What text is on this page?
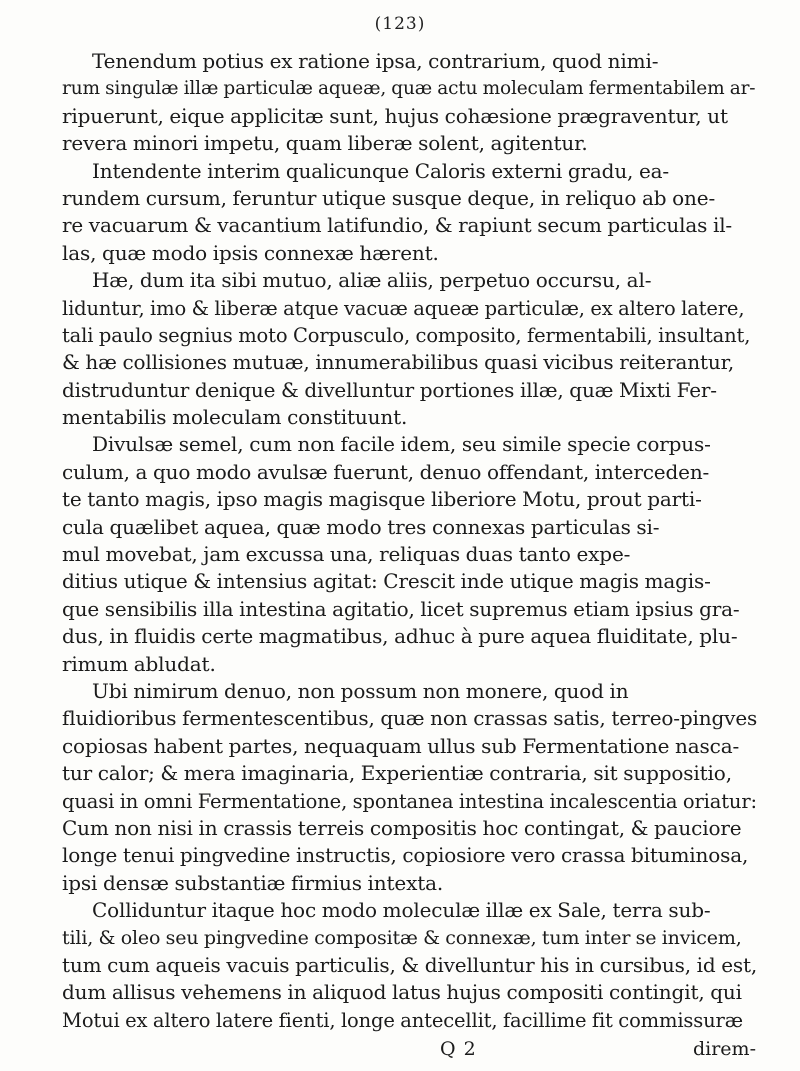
(123)
Tenendum potius ex ratione ipsa, contrarium, quod nimi-
rum singulæ illæ particulæ aqueæ, quæ actu moleculam fermentabilem ar-
ripuerunt, eique applicitæ sunt, hujus cohæsione prægraventur, ut
revera minori impetu, quam liberæ solent, agitentur.
Intendente interim qualicunque Caloris externi gradu, ea-
rundem cursum, feruntur utique susque deque, in reliquo ab one-
re vacuarum & vacantium latifundio, & rapiunt secum particulas il-
las, quæ modo ipsis connexæ hærent.
Hæ, dum ita sibi mutuo, aliæ aliis, perpetuo occursu, al-
liduntur, imo & liberæ atque vacuæ aqueæ particulæ, ex altero latere,
tali paulo segnius moto Corpusculo, composito, fermentabili, insultant,
& hæ collisiones mutuæ, innumerabilibus quasi vicibus reiterantur,
distruduntur denique & divelluntur portiones illæ, quæ Mixti Fer-
mentabilis moleculam constituunt.
Divulsæ semel, cum non facile idem, seu simile specie corpus-
culum, a quo modo avulsæ fuerunt, denuo offendant, interceden-
te tanto magis, ipso magis magisque liberiore Motu, prout parti-
cula quælibet aquea, quæ modo tres connexas particulas si-
mul movebat, jam excussa una, reliquas duas tanto expe-
ditius utique & intensius agitat: Crescit inde utique magis magis-
que sensibilis illa intestina agitatio, licet supremus etiam ipsius gra-
dus, in fluidis certe magmatibus, adhuc à pure aquea fluiditate, plu-
rimum abludat.
Ubi nimirum denuo, non possum non monere, quod in
fluidioribus fermentescentibus, quæ non crassas satis, terreo-pingves
copiosas habent partes, nequaquam ullus sub Fermentatione nasca-
tur calor; & mera imaginaria, Experientiæ contraria, sit suppositio,
quasi in omni Fermentatione, spontanea intestina incalescentia oriatur:
Cum non nisi in crassis terreis compositis hoc contingat, & pauciore
longe tenui pingvedine instructis, copiosiore vero crassa bituminosa,
ipsi densæ substantiæ firmius intexta.
Colliduntur itaque hoc modo moleculæ illæ ex Sale, terra sub-
tili, & oleo seu pingvedine compositæ & connexæ, tum inter se invicem,
tum cum aqueis vacuis particulis, & divelluntur his in cursibus, id est,
dum allisus vehemens in aliquod latus hujus compositi contingit, qui
Motui ex altero latere fienti, longe antecellit, facillime fit commissuræ
Q 2	direm-
